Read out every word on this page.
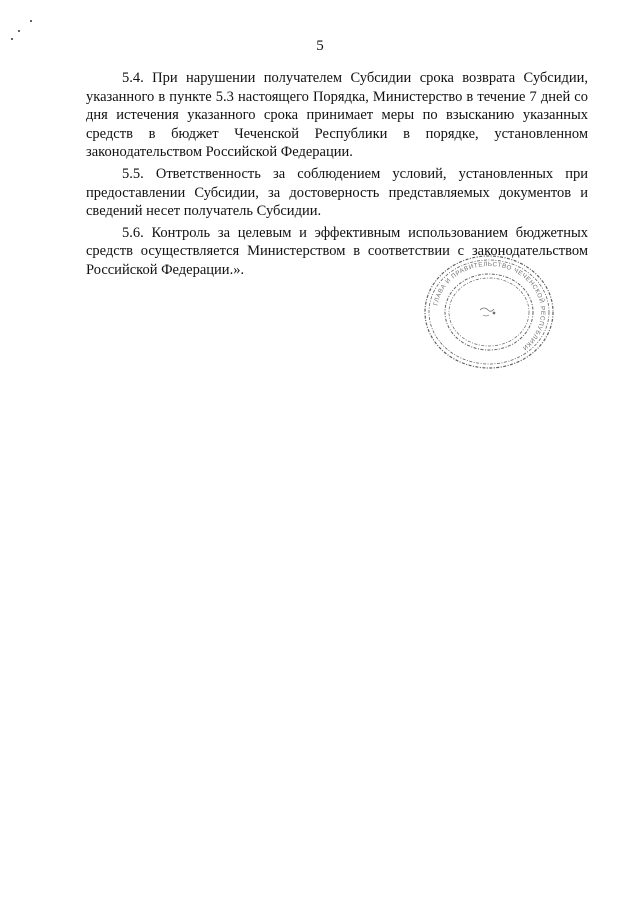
5

5.4. При нарушении получателем Субсидии срока возврата Субсидии, указанного в пункте 5.3 настоящего Порядка, Министерство в течение 7 дней со дня истечения указанного срока принимает меры по взысканию указанных средств в бюджет Чеченской Республики в порядке, установленном законодательством Российской Федерации.

5.5. Ответственность за соблюдением условий, установленных при предоставлении Субсидии, за достоверность представляемых документов и сведений несет получатель Субсидии.

5.6. Контроль за целевым и эффективным использованием бюджетных средств осуществляется Министерством в соответствии с законодательством Российской Федерации.».

ГЛАВА И ПРАВИТЕЛЬСТВО ЧЕЧЕНСКОЙ РЕСПУБЛИКИ
